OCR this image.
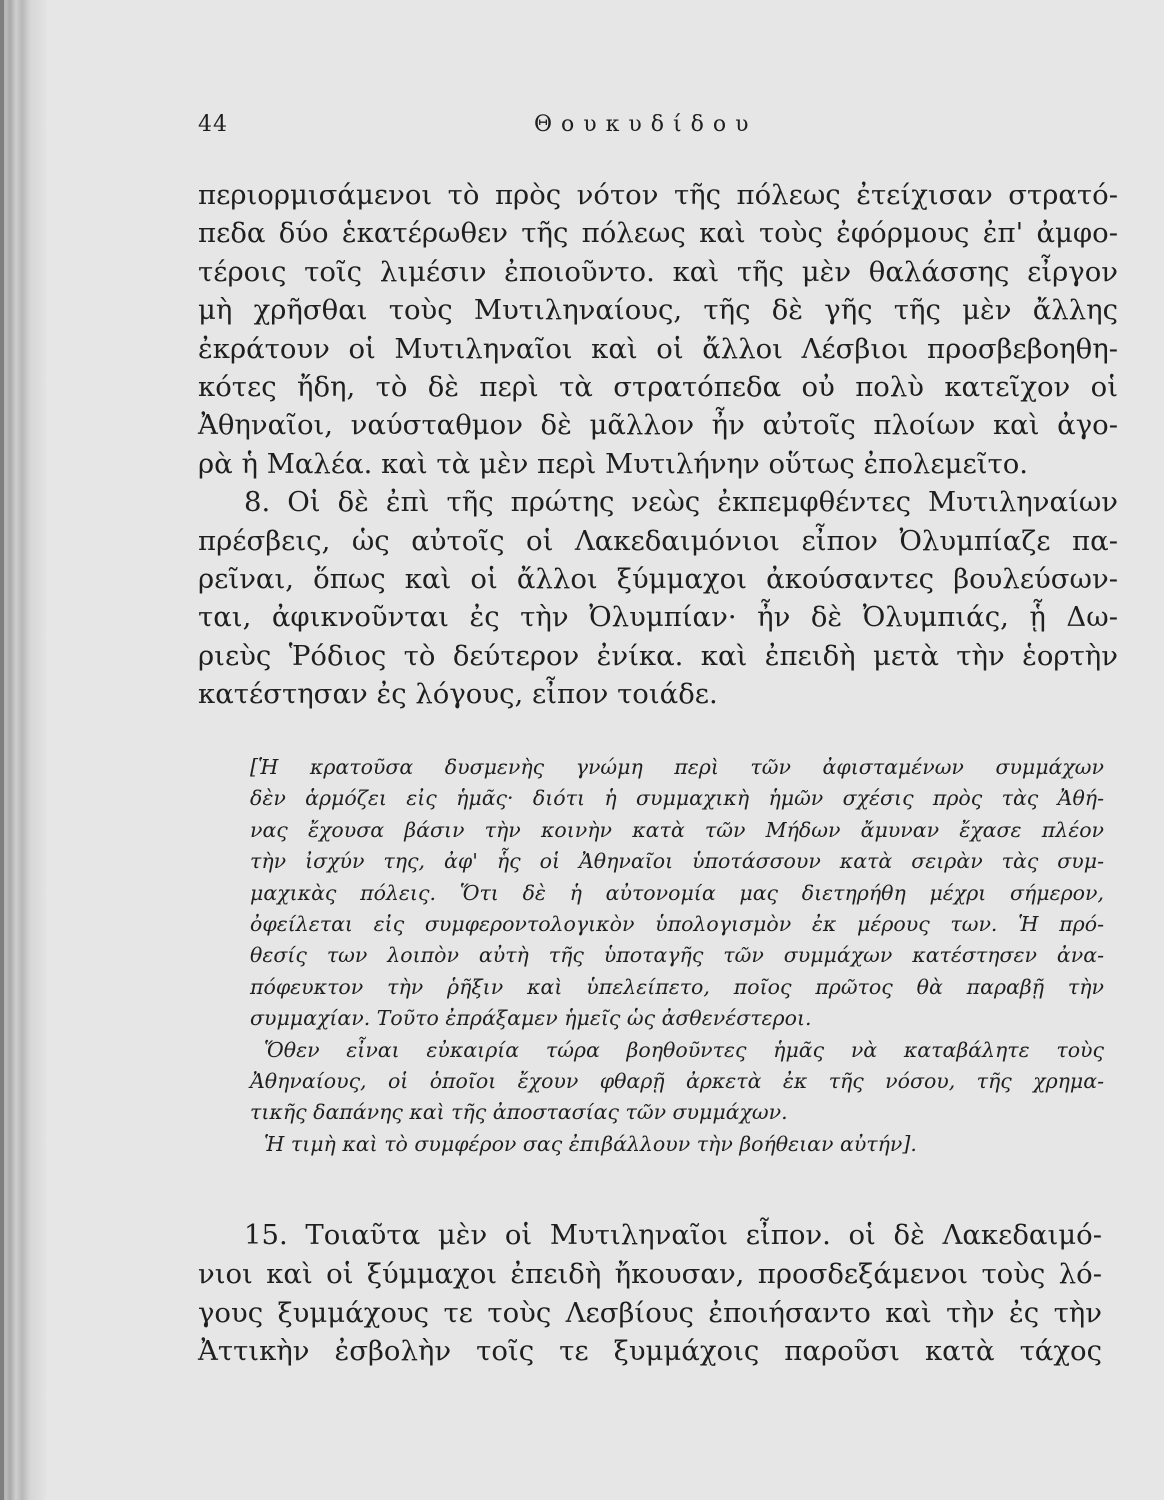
44	Θουκυδίδου
περιορμισάμενοι τὸ πρὸς νότον τῆς πόλεως ἐτείχισαν στρατό-
πεδα δύο ἑκατέρωθεν τῆς πόλεως καὶ τοὺς ἐφόρμους ἐπ' ἀμφο-
τέροις τοῖς λιμέσιν ἐποιοῦντο. καὶ τῆς μὲν θαλάσσης εἶργον
μὴ χρῆσθαι τοὺς Μυτιληναίους, τῆς δὲ γῆς τῆς μὲν ἄλλης
ἐκράτουν οἱ Μυτιληναῖοι καὶ οἱ ἄλλοι Λέσβιοι προσβεβοηθη-
κότες ἤδη, τὸ δὲ περὶ τὰ στρατόπεδα οὐ πολὺ κατεῖχον οἱ
Ἀθηναῖοι, ναύσταθμον δὲ μᾶλλον ἦν αὐτοῖς πλοίων καὶ ἀγο-
ρὰ ἡ Μαλέα. καὶ τὰ μὲν περὶ Μυτιλήνην οὕτως ἐπολεμεῖτο.
8. Οἱ δὲ ἐπὶ τῆς πρώτης νεὼς ἐκπεμφθέντες Μυτιληναίων
πρέσβεις, ὡς αὐτοῖς οἱ Λακεδαιμόνιοι εἶπον Ὀλυμπίαζε πα-
ρεῖναι, ὅπως καὶ οἱ ἄλλοι ξύμμαχοι ἀκούσαντες βουλεύσων-
ται, ἀφικνοῦνται ἐς τὴν Ὀλυμπίαν· ἦν δὲ Ὀλυμπιάς, ᾗ Δω-
ριεὺς Ῥόδιος τὸ δεύτερον ἐνίκα. καὶ ἐπειδὴ μετὰ τὴν ἑορτὴν
κατέστησαν ἐς λόγους, εἶπον τοιάδε.
[Ἡ κρατοῦσα δυσμενὴς γνώμη περὶ τῶν ἀφισταμένων συμμάχων
δὲν ἁρμόζει εἰς ἡμᾶς· διότι ἡ συμμαχικὴ ἡμῶν σχέσις πρὸς τὰς Ἀθή-
νας ἔχουσα βάσιν τὴν κοινὴν κατὰ τῶν Μήδων ἄμυναν ἔχασε πλέον
τὴν ἰσχύν της, ἀφ' ἧς οἱ Ἀθηναῖοι ὑποτάσσουν κατὰ σειρὰν τὰς συμ-
μαχικὰς πόλεις. Ὅτι δὲ ἡ αὐτονομία μας διετηρήθη μέχρι σήμερον,
ὀφείλεται εἰς συμφεροντολογικὸν ὑπολογισμὸν ἐκ μέρους των. Ἡ πρό-
θεσίς των λοιπὸν αὐτὴ τῆς ὑποταγῆς τῶν συμμάχων κατέστησεν ἀνα-
πόφευκτον τὴν ῥῆξιν καὶ ὑπελείπετο, ποῖος πρῶτος θὰ παραβῇ τὴν
συμμαχίαν. Τοῦτο ἐπράξαμεν ἡμεῖς ὡς ἀσθενέστεροι.
Ὅθεν εἶναι εὐκαιρία τώρα βοηθοῦντες ἡμᾶς νὰ καταβάλητε τοὺς
Ἀθηναίους, οἱ ὁποῖοι ἔχουν φθαρῇ ἀρκετὰ ἐκ τῆς νόσου, τῆς χρημα-
τικῆς δαπάνης καὶ τῆς ἀποστασίας τῶν συμμάχων.
Ἡ τιμὴ καὶ τὸ συμφέρον σας ἐπιβάλλουν τὴν βοήθειαν αὐτήν].
15. Τοιαῦτα μὲν οἱ Μυτιληναῖοι εἶπον. οἱ δὲ Λακεδαιμό-
νιοι καὶ οἱ ξύμμαχοι ἐπειδὴ ἤκουσαν, προσδεξάμενοι τοὺς λό-
γους ξυμμάχους τε τοὺς Λεσβίους ἐποιήσαντο καὶ τὴν ἐς τὴν
Ἀττικὴν ἐσβολὴν τοῖς τε ξυμμάχοις παροῦσι κατὰ τάχος
